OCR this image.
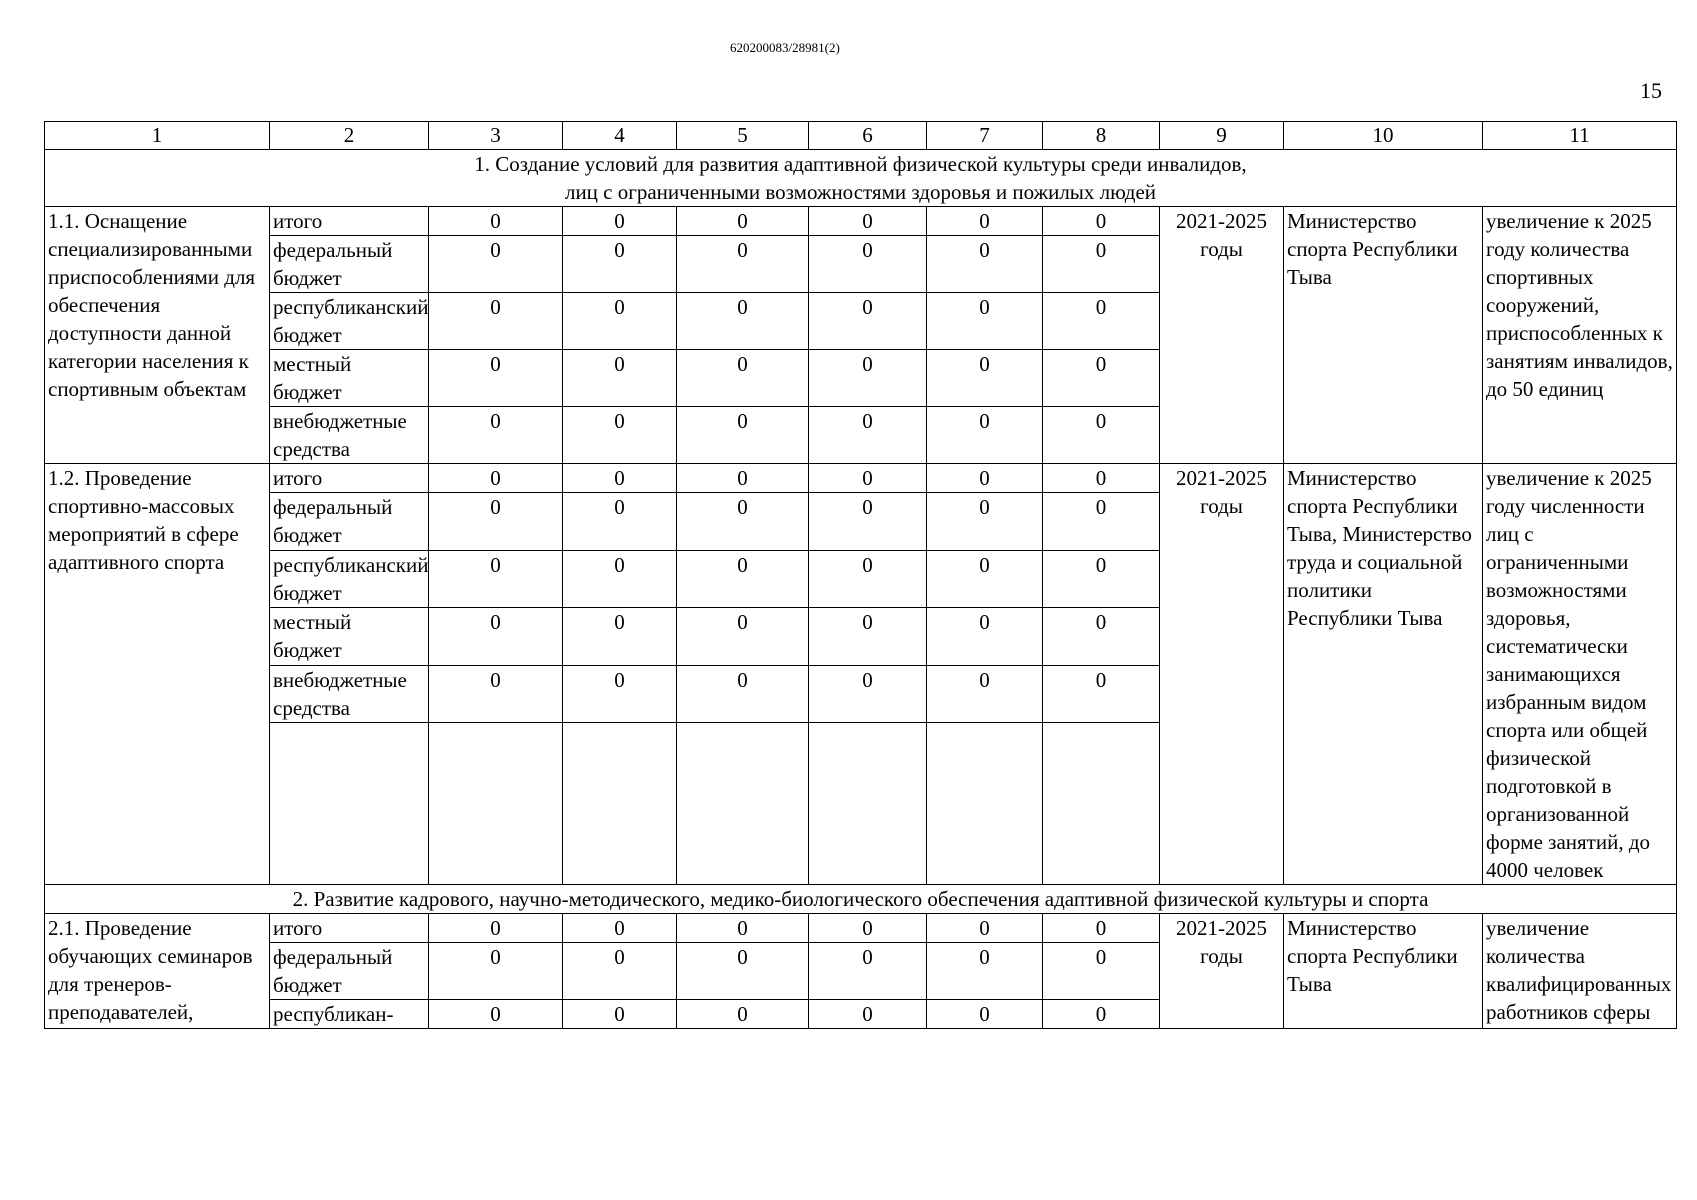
620200083/28981(2)
15
1	2	3	4	5	6	7	8	9	10	11

1. Создание условий для развития адаптивной физической культуры среди инвалидов,
лиц с ограниченными возможностями здоровья и пожилых людей										

1.1. Оснащение специализированными приспособлениями для обеспечения доступности данной категории населения к спортивным объектам	итого	0	0	0	0	0	0	2021-2025 годы	Министерство спорта Республики Тыва	увеличение к 2025 году количества спортивных сооружений, приспособленных к занятиям инвалидов, до 50 единиц
	федеральный бюджет	0	0	0	0	0	0			
	республиканский бюджет	0	0	0	0	0	0			
	местный бюджет	0	0	0	0	0	0			
	внебюджетные средства	0	0	0	0	0	0			
1.2. Проведение спортивно-массовых мероприятий в сфере адаптивного спорта	итого	0	0	0	0	0	0	2021-2025 годы	Министерство спорта Республики Тыва, Министерство труда и социальной политики Республики Тыва	увеличение к 2025 году численности лиц с ограниченными возможностями здоровья, систематически занимающихся избранным видом спорта или общей физической подготовкой в организованной форме занятий, до 4000 человек
	федеральный бюджет	0	0	0	0	0	0			
	республиканский бюджет	0	0	0	0	0	0			
	местный бюджет	0	0	0	0	0	0			
	внебюджетные средства	0	0	0	0	0	0			

2. Развитие кадрового, научно-методического, медико-биологического обеспечения адаптивной физической культуры и спорта										

2.1. Проведение обучающих семинаров для тренеров-преподавателей,	итого	0	0	0	0	0	0	2021-2025 годы	Министерство спорта Республики Тыва	увеличение количества квалифицированных работников сферы
	федеральный бюджет	0	0	0	0	0	0			
	республикан-	0	0	0	0	0	0			
